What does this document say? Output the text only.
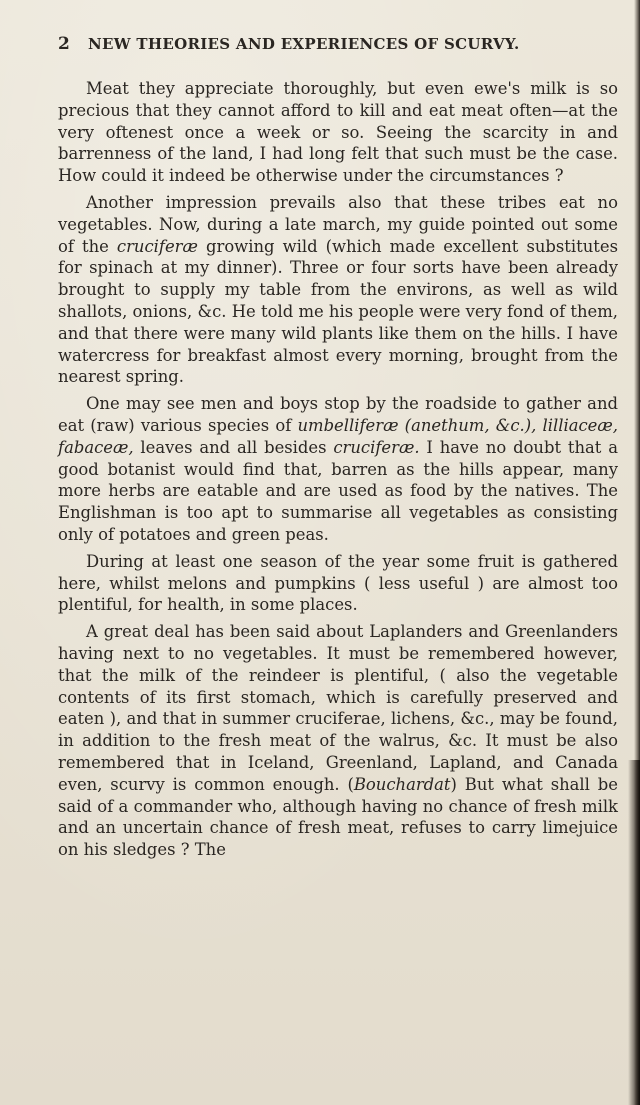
2 NEW THEORIES AND EXPERIENCES OF SCURVY.

Meat they appreciate thoroughly, but even ewe's milk is so precious that they cannot afford to kill and eat meat often—at the very oftenest once a week or so. Seeing the scarcity in and barrenness of the land, I had long felt that such must be the case. How could it indeed be otherwise under the circumstances ?

Another impression prevails also that these tribes eat no vegetables. Now, during a late march, my guide pointed out some of the cruciferæ growing wild (which made excellent substitutes for spinach at my dinner). Three or four sorts have been already brought to supply my table from the environs, as well as wild shallots, onions, &c. He told me his people were very fond of them, and that there were many wild plants like them on the hills. I have watercress for breakfast almost every morning, brought from the nearest spring.

One may see men and boys stop by the roadside to gather and eat (raw) various species of umbelliferæ (anethum, &c.), lilliaceæ, fabaceæ, leaves and all besides cruciferæ. I have no doubt that a good botanist would find that, barren as the hills appear, many more herbs are eatable and are used as food by the natives. The Englishman is too apt to summarise all vegetables as consisting only of potatoes and green peas.

During at least one season of the year some fruit is gathered here, whilst melons and pumpkins ( less useful ) are almost too plentiful, for health, in some places.

A great deal has been said about Laplanders and Greenlanders having next to no vegetables. It must be remembered however, that the milk of the reindeer is plentiful, ( also the vegetable contents of its first stomach, which is carefully preserved and eaten ), and that in summer cruciferae, lichens, &c., may be found, in addition to the fresh meat of the walrus, &c. It must be also remembered that in Iceland, Greenland, Lapland, and Canada even, scurvy is common enough. (Bouchardat) But what shall be said of a commander who, although having no chance of fresh milk and an uncertain chance of fresh meat, refuses to carry limejuice on his sledges ? The
